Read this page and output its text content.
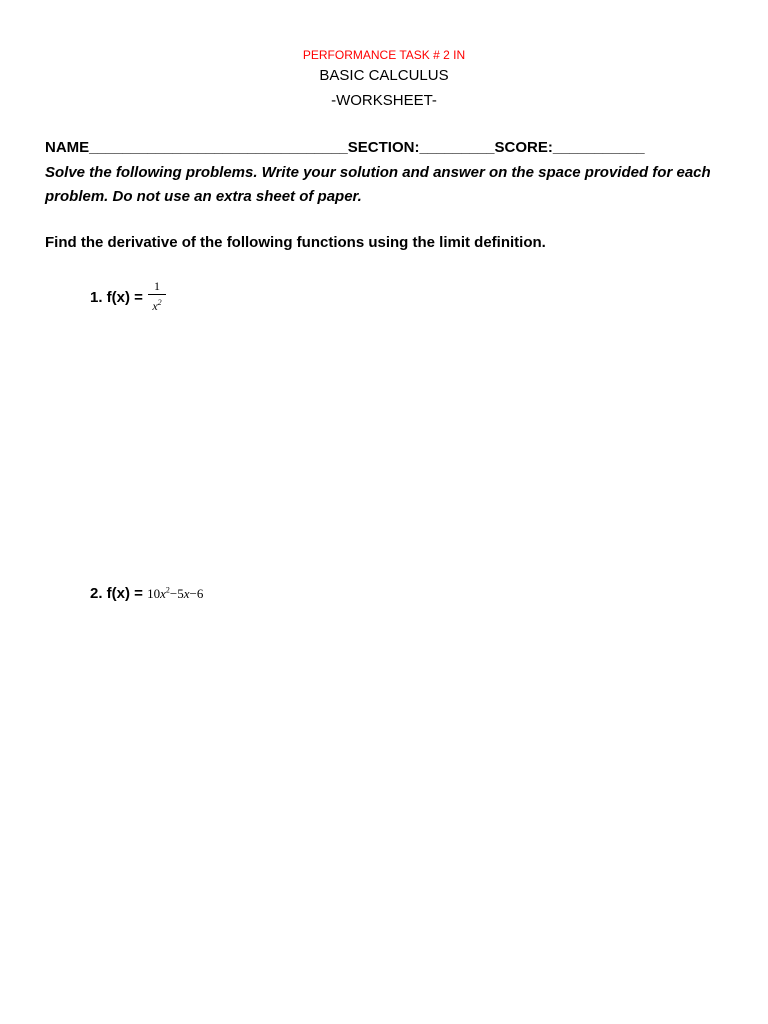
PERFORMANCE TASK # 2 IN
BASIC CALCULUS
-WORKSHEET-
NAME_______________________________SECTION:_________SCORE:___________
Solve the following problems. Write your solution and answer on the space provided for each problem. Do not use an extra sheet of paper.
Find the derivative of the following functions using the limit definition.
1. f(x) =
1
$x^2$
2. $f(x) = 10x^2-5x-6$
